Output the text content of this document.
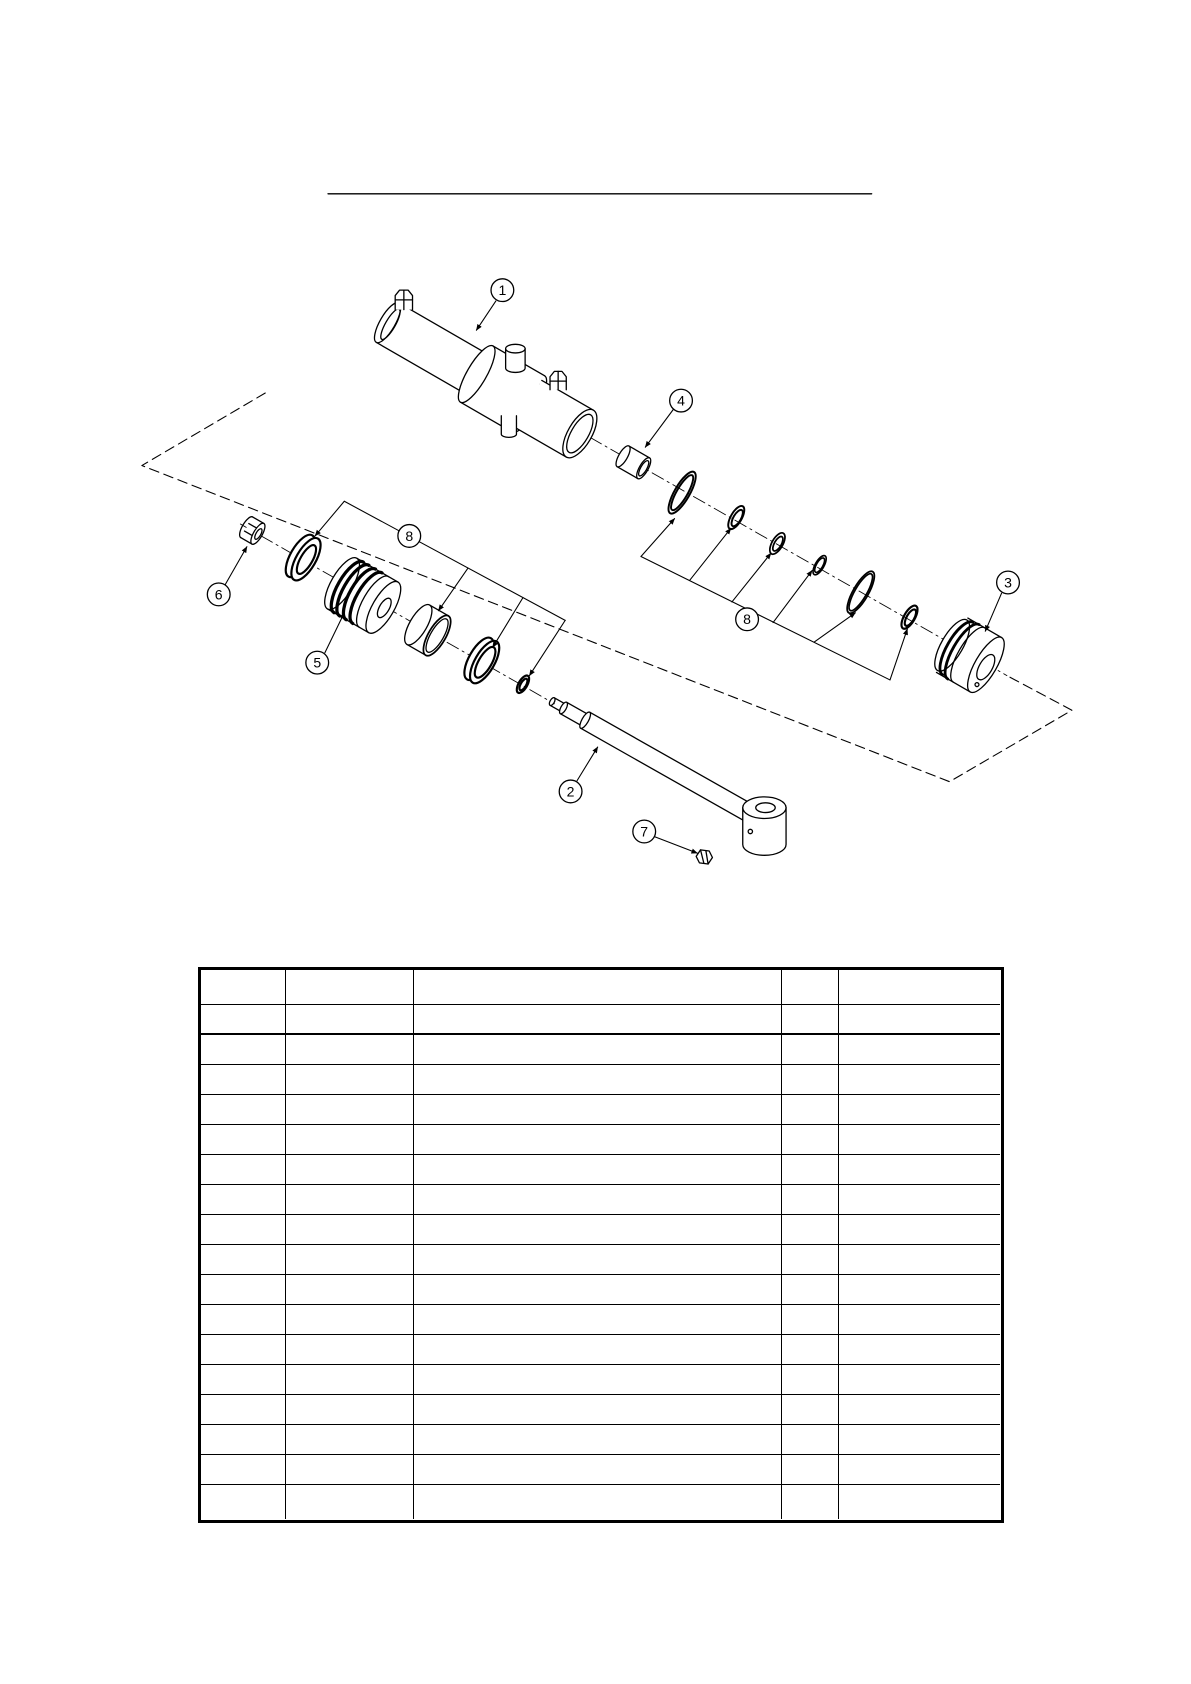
1
2
3
4
5
6
7
8
8
